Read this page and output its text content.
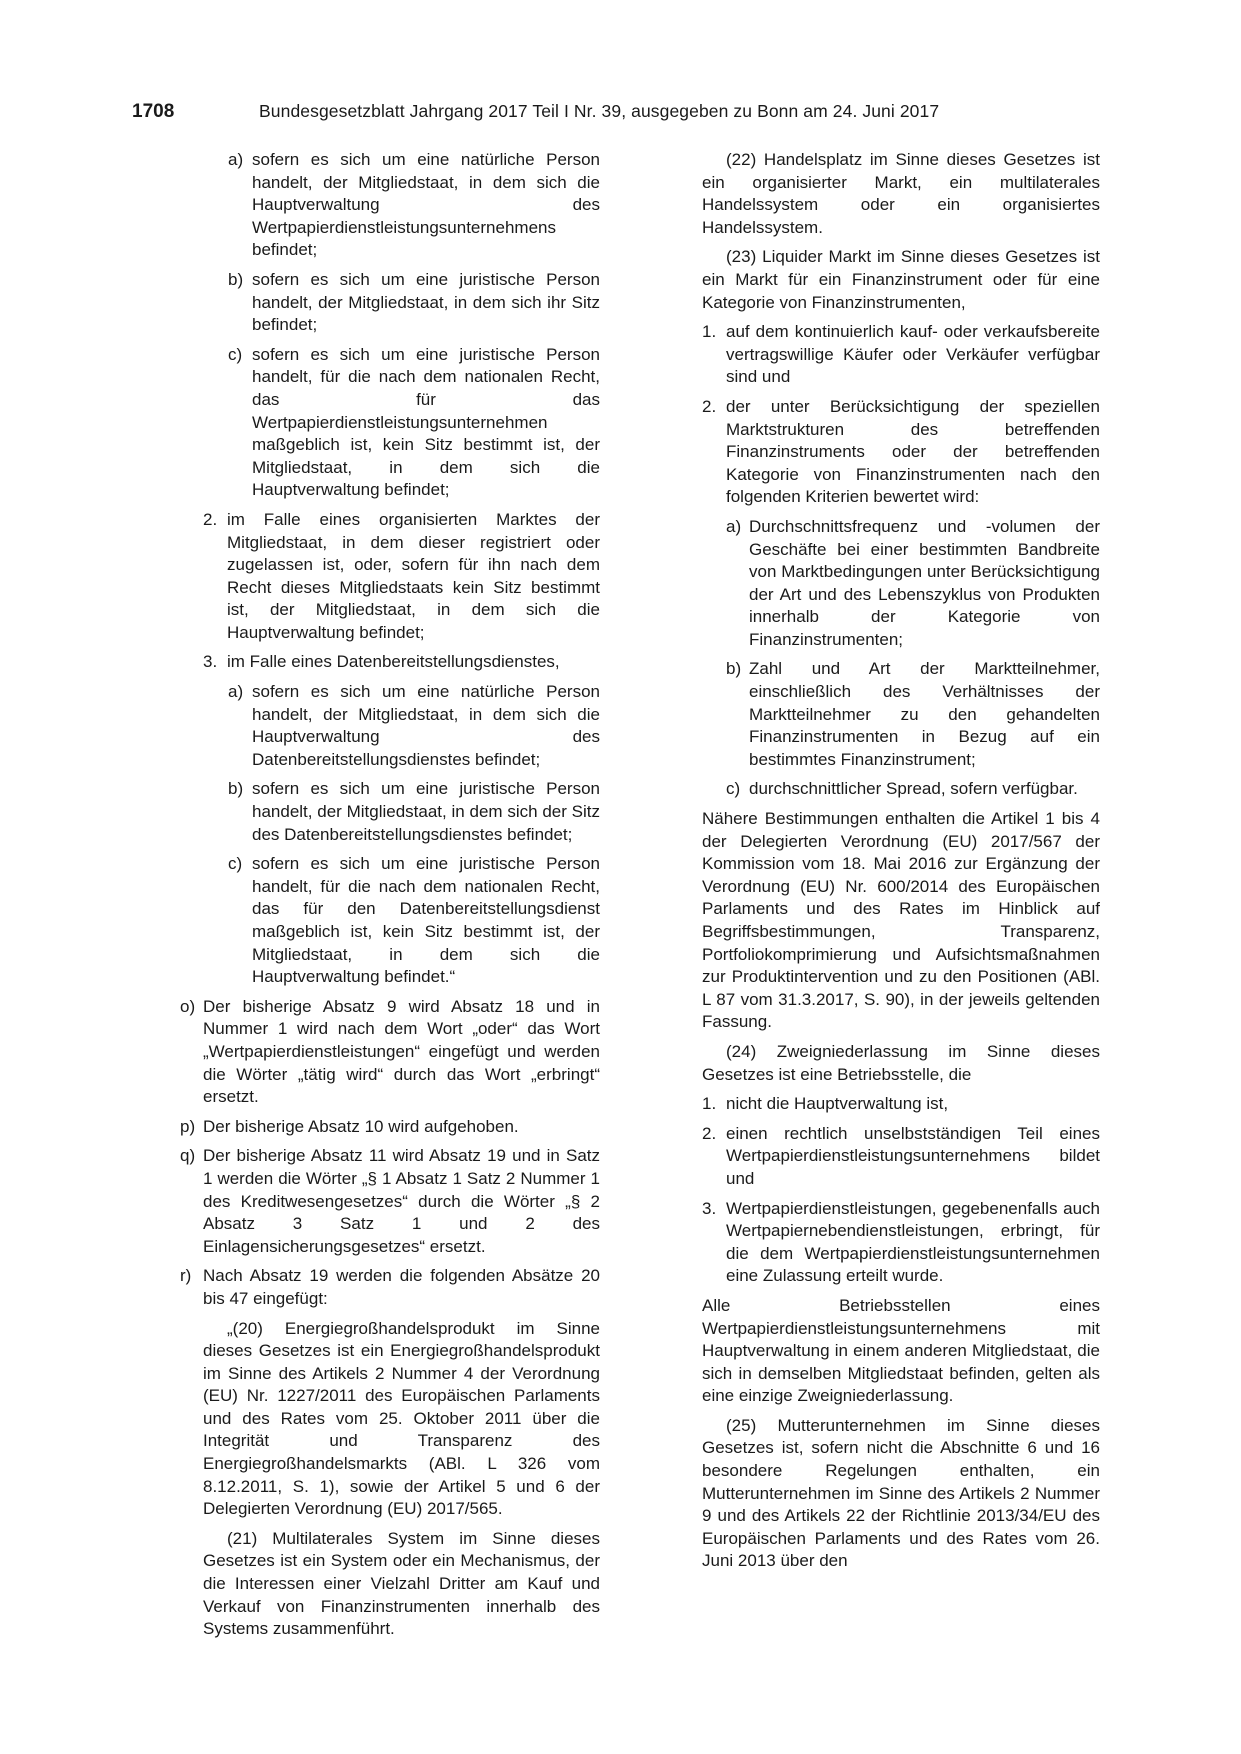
1708	Bundesgesetzblatt Jahrgang 2017 Teil I Nr. 39, ausgegeben zu Bonn am 24. Juni 2017

a) sofern es sich um eine natürliche Person handelt, der Mitgliedstaat, in dem sich die Hauptverwaltung des Wertpapierdienstleistungsunternehmens befindet;

b) sofern es sich um eine juristische Person handelt, der Mitgliedstaat, in dem sich ihr Sitz befindet;

c) sofern es sich um eine juristische Person handelt, für die nach dem nationalen Recht, das für das Wertpapierdienstleistungsunternehmen maßgeblich ist, kein Sitz bestimmt ist, der Mitgliedstaat, in dem sich die Hauptverwaltung befindet;

2. im Falle eines organisierten Marktes der Mitgliedstaat, in dem dieser registriert oder zugelassen ist, oder, sofern für ihn nach dem Recht dieses Mitgliedstaats kein Sitz bestimmt ist, der Mitgliedstaat, in dem sich die Hauptverwaltung befindet;

3. im Falle eines Datenbereitstellungsdienstes,

a) sofern es sich um eine natürliche Person handelt, der Mitgliedstaat, in dem sich die Hauptverwaltung des Datenbereitstellungsdienstes befindet;

b) sofern es sich um eine juristische Person handelt, der Mitgliedstaat, in dem sich der Sitz des Datenbereitstellungsdienstes befindet;

c) sofern es sich um eine juristische Person handelt, für die nach dem nationalen Recht, das für den Datenbereitstellungsdienst maßgeblich ist, kein Sitz bestimmt ist, der Mitgliedstaat, in dem sich die Hauptverwaltung befindet.“

o) Der bisherige Absatz 9 wird Absatz 18 und in Nummer 1 wird nach dem Wort „oder“ das Wort „Wertpapierdienstleistungen“ eingefügt und werden die Wörter „tätig wird“ durch das Wort „erbringt“ ersetzt.

p) Der bisherige Absatz 10 wird aufgehoben.

q) Der bisherige Absatz 11 wird Absatz 19 und in Satz 1 werden die Wörter „§ 1 Absatz 1 Satz 2 Nummer 1 des Kreditwesengesetzes“ durch die Wörter „§ 2 Absatz 3 Satz 1 und 2 des Einlagensicherungsgesetzes“ ersetzt.

r) Nach Absatz 19 werden die folgenden Absätze 20 bis 47 eingefügt:

„(20) Energiegroßhandelsprodukt im Sinne dieses Gesetzes ist ein Energiegroßhandelsprodukt im Sinne des Artikels 2 Nummer 4 der Verordnung (EU) Nr. 1227/2011 des Europäischen Parlaments und des Rates vom 25. Oktober 2011 über die Integrität und Transparenz des Energiegroßhandelsmarkts (ABl. L 326 vom 8.12.2011, S. 1), sowie der Artikel 5 und 6 der Delegierten Verordnung (EU) 2017/565.

(21) Multilaterales System im Sinne dieses Gesetzes ist ein System oder ein Mechanismus, der die Interessen einer Vielzahl Dritter am Kauf und Verkauf von Finanzinstrumenten innerhalb des Systems zusammenführt.

(22) Handelsplatz im Sinne dieses Gesetzes ist ein organisierter Markt, ein multilaterales Handelssystem oder ein organisiertes Handelssystem.

(23) Liquider Markt im Sinne dieses Gesetzes ist ein Markt für ein Finanzinstrument oder für eine Kategorie von Finanzinstrumenten,

1. auf dem kontinuierlich kauf- oder verkaufsbereite vertragswillige Käufer oder Verkäufer verfügbar sind und

2. der unter Berücksichtigung der speziellen Marktstrukturen des betreffenden Finanzinstruments oder der betreffenden Kategorie von Finanzinstrumenten nach den folgenden Kriterien bewertet wird:

a) Durchschnittsfrequenz und -volumen der Geschäfte bei einer bestimmten Bandbreite von Marktbedingungen unter Berücksichtigung der Art und des Lebenszyklus von Produkten innerhalb der Kategorie von Finanzinstrumenten;

b) Zahl und Art der Marktteilnehmer, einschließlich des Verhältnisses der Marktteilnehmer zu den gehandelten Finanzinstrumenten in Bezug auf ein bestimmtes Finanzinstrument;

c) durchschnittlicher Spread, sofern verfügbar.

Nähere Bestimmungen enthalten die Artikel 1 bis 4 der Delegierten Verordnung (EU) 2017/567 der Kommission vom 18. Mai 2016 zur Ergänzung der Verordnung (EU) Nr. 600/2014 des Europäischen Parlaments und des Rates im Hinblick auf Begriffsbestimmungen, Transparenz, Portfoliokomprimierung und Aufsichtsmaßnahmen zur Produktintervention und zu den Positionen (ABl. L 87 vom 31.3.2017, S. 90), in der jeweils geltenden Fassung.

(24) Zweigniederlassung im Sinne dieses Gesetzes ist eine Betriebsstelle, die

1. nicht die Hauptverwaltung ist,

2. einen rechtlich unselbstständigen Teil eines Wertpapierdienstleistungsunternehmens bildet und

3. Wertpapierdienstleistungen, gegebenenfalls auch Wertpapiernebendienstleistungen, erbringt, für die dem Wertpapierdienstleistungsunternehmen eine Zulassung erteilt wurde.

Alle Betriebsstellen eines Wertpapierdienstleistungsunternehmens mit Hauptverwaltung in einem anderen Mitgliedstaat, die sich in demselben Mitgliedstaat befinden, gelten als eine einzige Zweigniederlassung.

(25) Mutterunternehmen im Sinne dieses Gesetzes ist, sofern nicht die Abschnitte 6 und 16 besondere Regelungen enthalten, ein Mutterunternehmen im Sinne des Artikels 2 Nummer 9 und des Artikels 22 der Richtlinie 2013/34/EU des Europäischen Parlaments und des Rates vom 26. Juni 2013 über den
